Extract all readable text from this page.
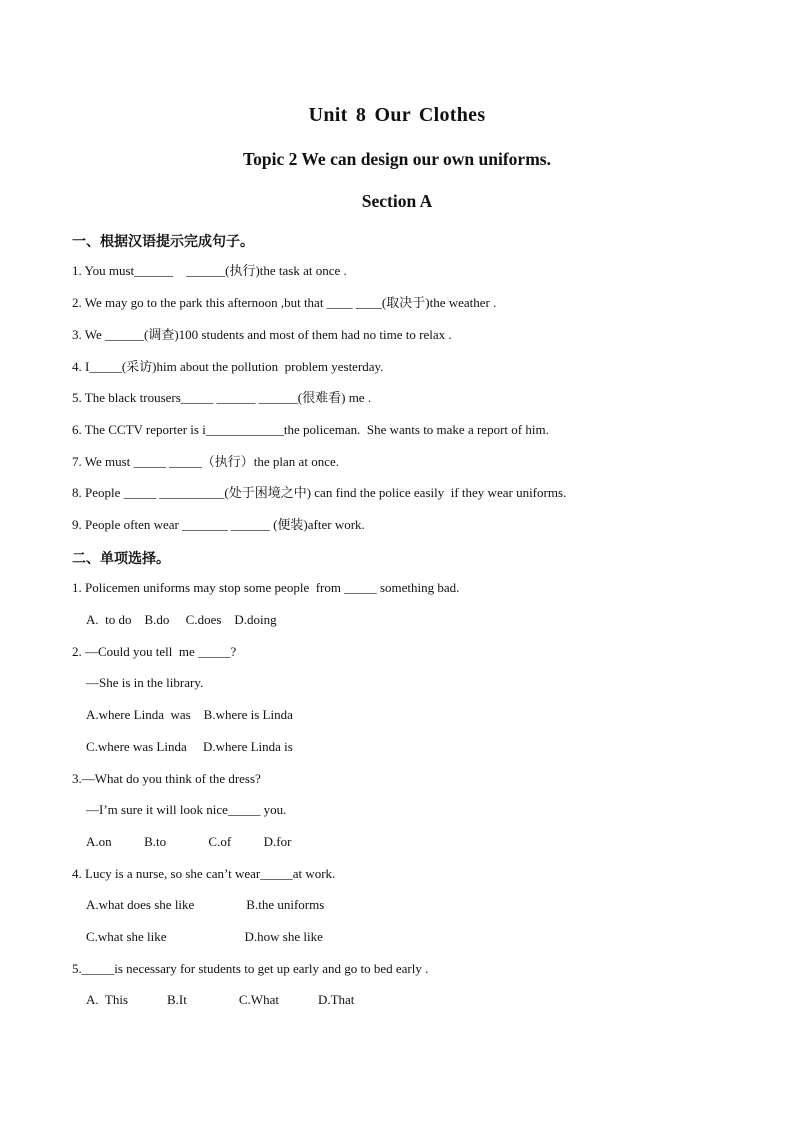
Unit 8 Our Clothes
Topic 2 We can design our own uniforms.
Section A
一、根据汉语提示完成句子。
1. You must______    ______(执行)the task at once .
2. We may go to the park this afternoon ,but that ____ ____(取决于)the weather .
3. We ______(调查)100 students and most of them had no time to relax .
4. I_____(采访)him about the pollution  problem yesterday.
5. The black trousers_____ ______ ______(很难看) me .
6. The CCTV reporter is i____________the policeman.  She wants to make a report of him.
7. We must _____ _____（执行）the plan at once.
8. People _____ __________(处于困境之中) can find the police easily  if they wear uniforms.
9. People often wear _______ ______ (便装)after work.
二、单项选择。
1. Policemen uniforms may stop some people  from _____ something bad.
A.  to do    B.do     C.does    D.doing
2. —Could you tell  me _____?
—She is in the library.
A.where Linda  was    B.where is Linda
C.where was Linda     D.where Linda is
3.—What do you think of the dress?
—I’m sure it will look nice_____ you.
A.on          B.to             C.of          D.for
4. Lucy is a nurse, so she can’t wear_____at work.
A.what does she like                B.the uniforms
C.what she like                        D.how she like
5._____is necessary for students to get up early and go to bed early .
A.  This            B.It                C.What            D.That
